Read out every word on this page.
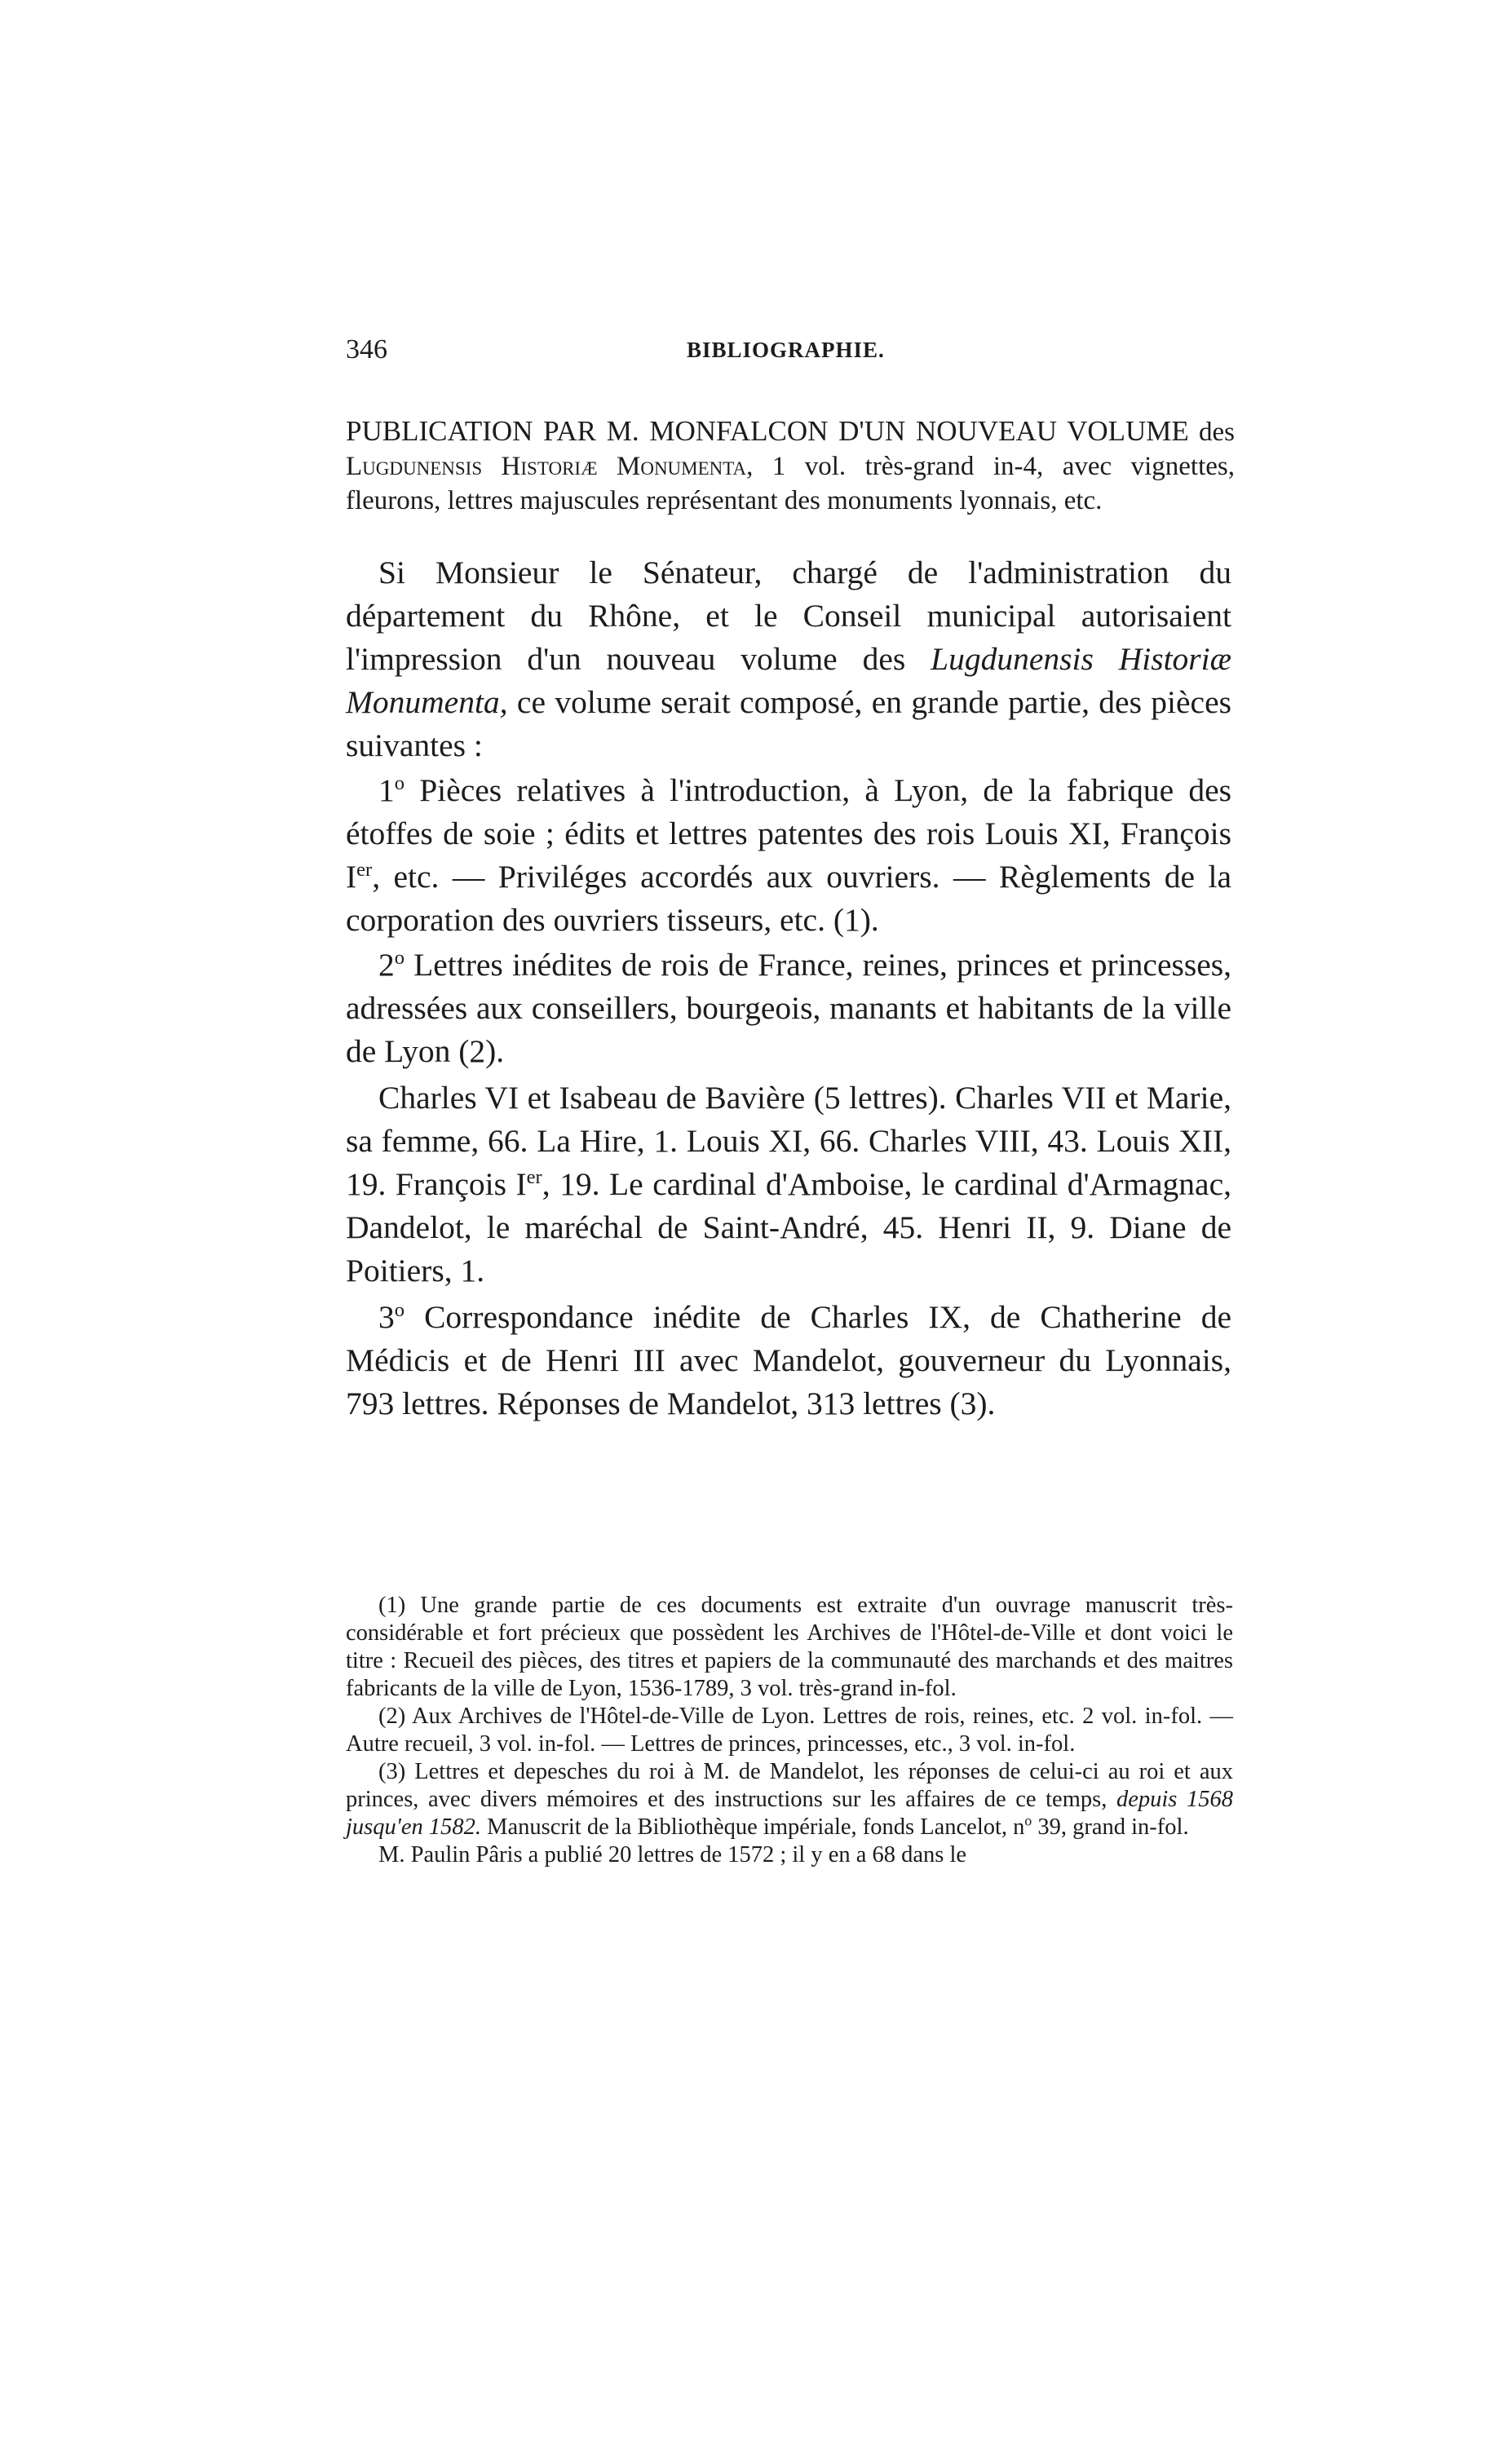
346	BIBLIOGRAPHIE.
PUBLICATION PAR M. MONFALCON D'UN NOUVEAU VOLUME des Lugdunensis Historiæ Monumenta, 1 vol. très-grand in-4, avec vignettes, fleurons, lettres majuscules représentant des monuments lyonnais, etc.

Si Monsieur le Sénateur, chargé de l'administration du département du Rhône, et le Conseil municipal autorisaient l'impression d'un nouveau volume des Lugdunensis Historiæ Monumenta, ce volume serait composé, en grande partie, des pièces suivantes :

1$^o$ Pièces relatives à l'introduction, à Lyon, de la fabrique des étoffes de soie ; édits et lettres patentes des rois Louis XI, François Ier, etc. — Priviléges accordés aux ouvriers. — Règlements de la corporation des ouvriers tisseurs, etc. (1).

2$^o$ Lettres inédites de rois de France, reines, princes et princesses, adressées aux conseillers, bourgeois, manants et habitants de la ville de Lyon (2).

Charles VI et Isabeau de Bavière (5 lettres). Charles VII et Marie, sa femme, 66. La Hire, 1. Louis XI, 66. Charles VIII, 43. Louis XII, 19. François Ier, 19. Le cardinal d'Amboise, le cardinal d'Armagnac, Dandelot, le maréchal de Saint-André, 45. Henri II, 9. Diane de Poitiers, 1.

3$^o$ Correspondance inédite de Charles IX, de Chatherine de Médicis et de Henri III avec Mandelot, gouverneur du Lyonnais, 793 lettres. Réponses de Mandelot, 313 lettres (3).

(1) Une grande partie de ces documents est extraite d'un ouvrage manuscrit très-considérable et fort précieux que possèdent les Archives de l'Hôtel-de-Ville et dont voici le titre : Recueil des pièces, des titres et papiers de la communauté des marchands et des maitres fabricants de la ville de Lyon, 1536-1789, 3 vol. très-grand in-fol.

(2) Aux Archives de l'Hôtel-de-Ville de Lyon. Lettres de rois, reines, etc. 2 vol. in-fol. — Autre recueil, 3 vol. in-fol. — Lettres de princes, princesses, etc., 3 vol. in-fol.

(3) Lettres et depesches du roi à M. de Mandelot, les réponses de celui-ci au roi et aux princes, avec divers mémoires et des instructions sur les affaires de ce temps, depuis 1568 jusqu'en 1582. Manuscrit de la Bibliothèque impériale, fonds Lancelot, $n^o$ 39, grand in-fol.

M. Paulin Pâris a publié 20 lettres de 1572 ; il y en a 68 dans le
